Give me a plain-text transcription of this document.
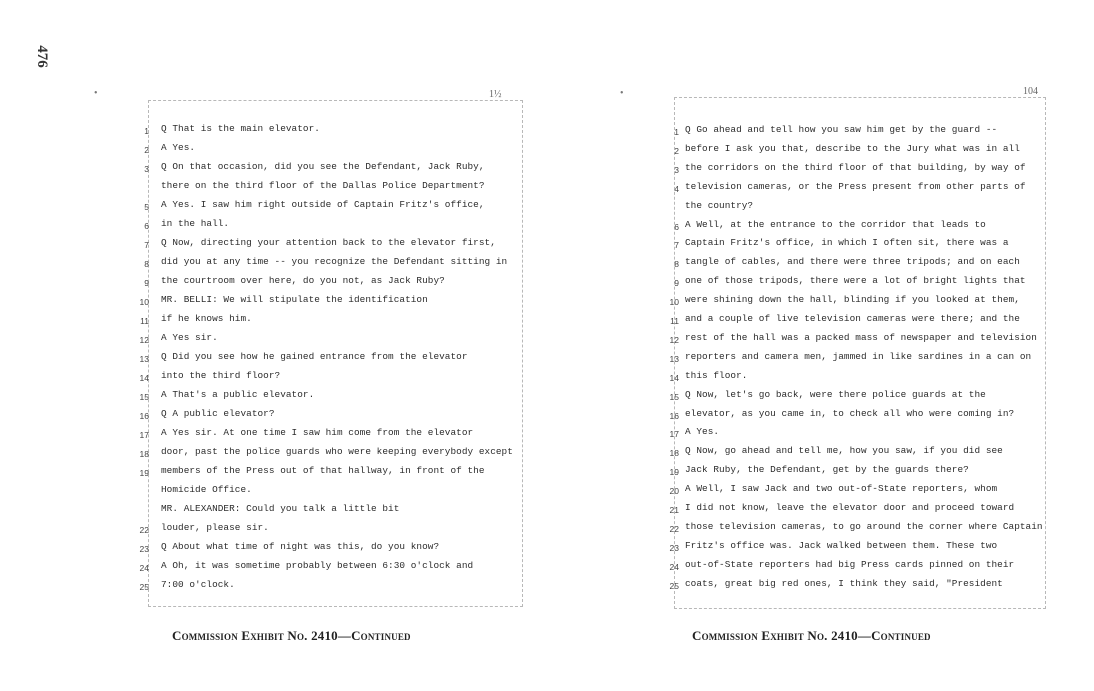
476
•	•
1½
1 Q That is the main elevator.
2 A Yes.
3 Q On that occasion, did you see the Defendant, Jack Ruby,
there on the third floor of the Dallas Police Department?
5 A Yes. I saw him right outside of Captain Fritz's office,
6 in the hall.
7 Q Now, directing your attention back to the elevator first,
8 did you at any time -- you recognize the Defendant sitting in
9 the courtroom over here, do you not, as Jack Ruby?
10 MR. BELLI: We will stipulate the identification
11 if he knows him.
12 A Yes sir.
13 Q Did you see how he gained entrance from the elevator
14 into the third floor?
15 A That's a public elevator.
16 Q A public elevator?
17 A Yes sir. At one time I saw him come from the elevator
18 door, past the police guards who were keeping everybody except
19 members of the Press out of that hallway, in front of the
Homicide Office.
MR. ALEXANDER: Could you talk a little bit
22 louder, please sir.
23 Q About what time of night was this, do you know?
24 A Oh, it was sometime probably between 6:30 o'clock and
25 7:00 o'clock.
104
1 Q Go ahead and tell how you saw him get by the guard --
2 before I ask you that, describe to the Jury what was in all
3 the corridors on the third floor of that building, by way of
4 television cameras, or the Press present from other parts of
the country?
6 A Well, at the entrance to the corridor that leads to
7 Captain Fritz's office, in which I often sit, there was a
8 tangle of cables, and there were three tripods; and on each
9 one of those tripods, there were a lot of bright lights that
10 were shining down the hall, blinding if you looked at them,
11 and a couple of live television cameras were there; and the
12 rest of the hall was a packed mass of newspaper and television
13 reporters and camera men, jammed in like sardines in a can on
14 this floor.
15 Q Now, let's go back, were there police guards at the
16 elevator, as you came in, to check all who were coming in?
17 A Yes.
18 Q Now, go ahead and tell me, how you saw, if you did see
19 Jack Ruby, the Defendant, get by the guards there?
20 A Well, I saw Jack and two out-of-State reporters, whom
21 I did not know, leave the elevator door and proceed toward
22 those television cameras, to go around the corner where Captain
23 Fritz's office was. Jack walked between them. These two
24 out-of-State reporters had big Press cards pinned on their
25 coats, great big red ones, I think they said, "President
Commission Exhibit No. 2410—Continued	Commission Exhibit No. 2410—Continued
